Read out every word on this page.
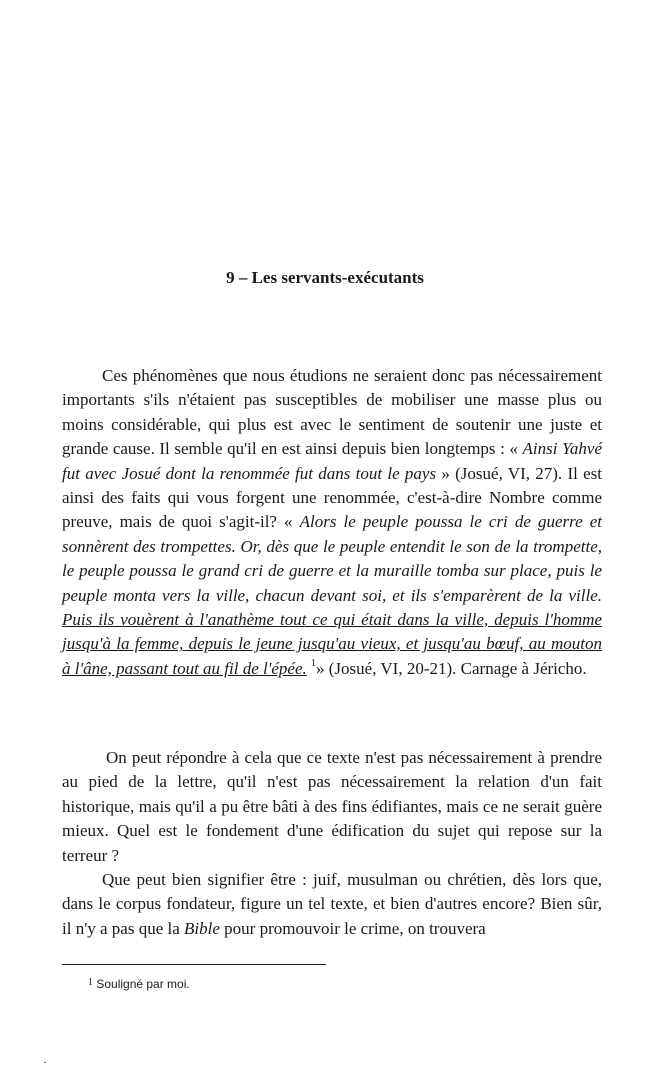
9 – Les servants-exécutants
Ces phénomènes que nous étudions ne seraient donc pas nécessairement importants s'ils n'étaient pas susceptibles de mobiliser une masse plus ou moins considérable, qui plus est avec le sentiment de soutenir une juste et grande cause. Il semble qu'il en est ainsi depuis bien longtemps : « Ainsi Yahvé fut avec Josué dont la renommée fut dans tout le pays » (Josué, VI, 27). Il est ainsi des faits qui vous forgent une renommée, c'est-à-dire Nombre comme preuve, mais de quoi s'agit-il? « Alors le peuple poussa le cri de guerre et sonnèrent des trompettes. Or, dès que le peuple entendit le son de la trompette, le peuple poussa le grand cri de guerre et la muraille tomba sur place, puis le peuple monta vers la ville, chacun devant soi, et ils s'emparèrent de la ville. Puis ils vouèrent à l'anathème tout ce qui était dans la ville, depuis l'homme jusqu'à la femme, depuis le jeune jusqu'au vieux, et jusqu'au bœuf, au mouton à l'âne, passant tout au fil de l'épée. $^1$» (Josué, VI, 20-21). Carnage à Jéricho.
On peut répondre à cela que ce texte n'est pas nécessairement à prendre au pied de la lettre, qu'il n'est pas nécessairement la relation d'un fait historique, mais qu'il a pu être bâti à des fins édifiantes, mais ce ne serait guère mieux. Quel est le fondement d'une édification du sujet qui repose sur la terreur ?
Que peut bien signifier être : juif, musulman ou chrétien, dès lors que, dans le corpus fondateur, figure un tel texte, et bien d'autres encore? Bien sûr, il n'y a pas que la Bible pour promouvoir le crime, on trouvera
$^1$ Souligné par moi.
